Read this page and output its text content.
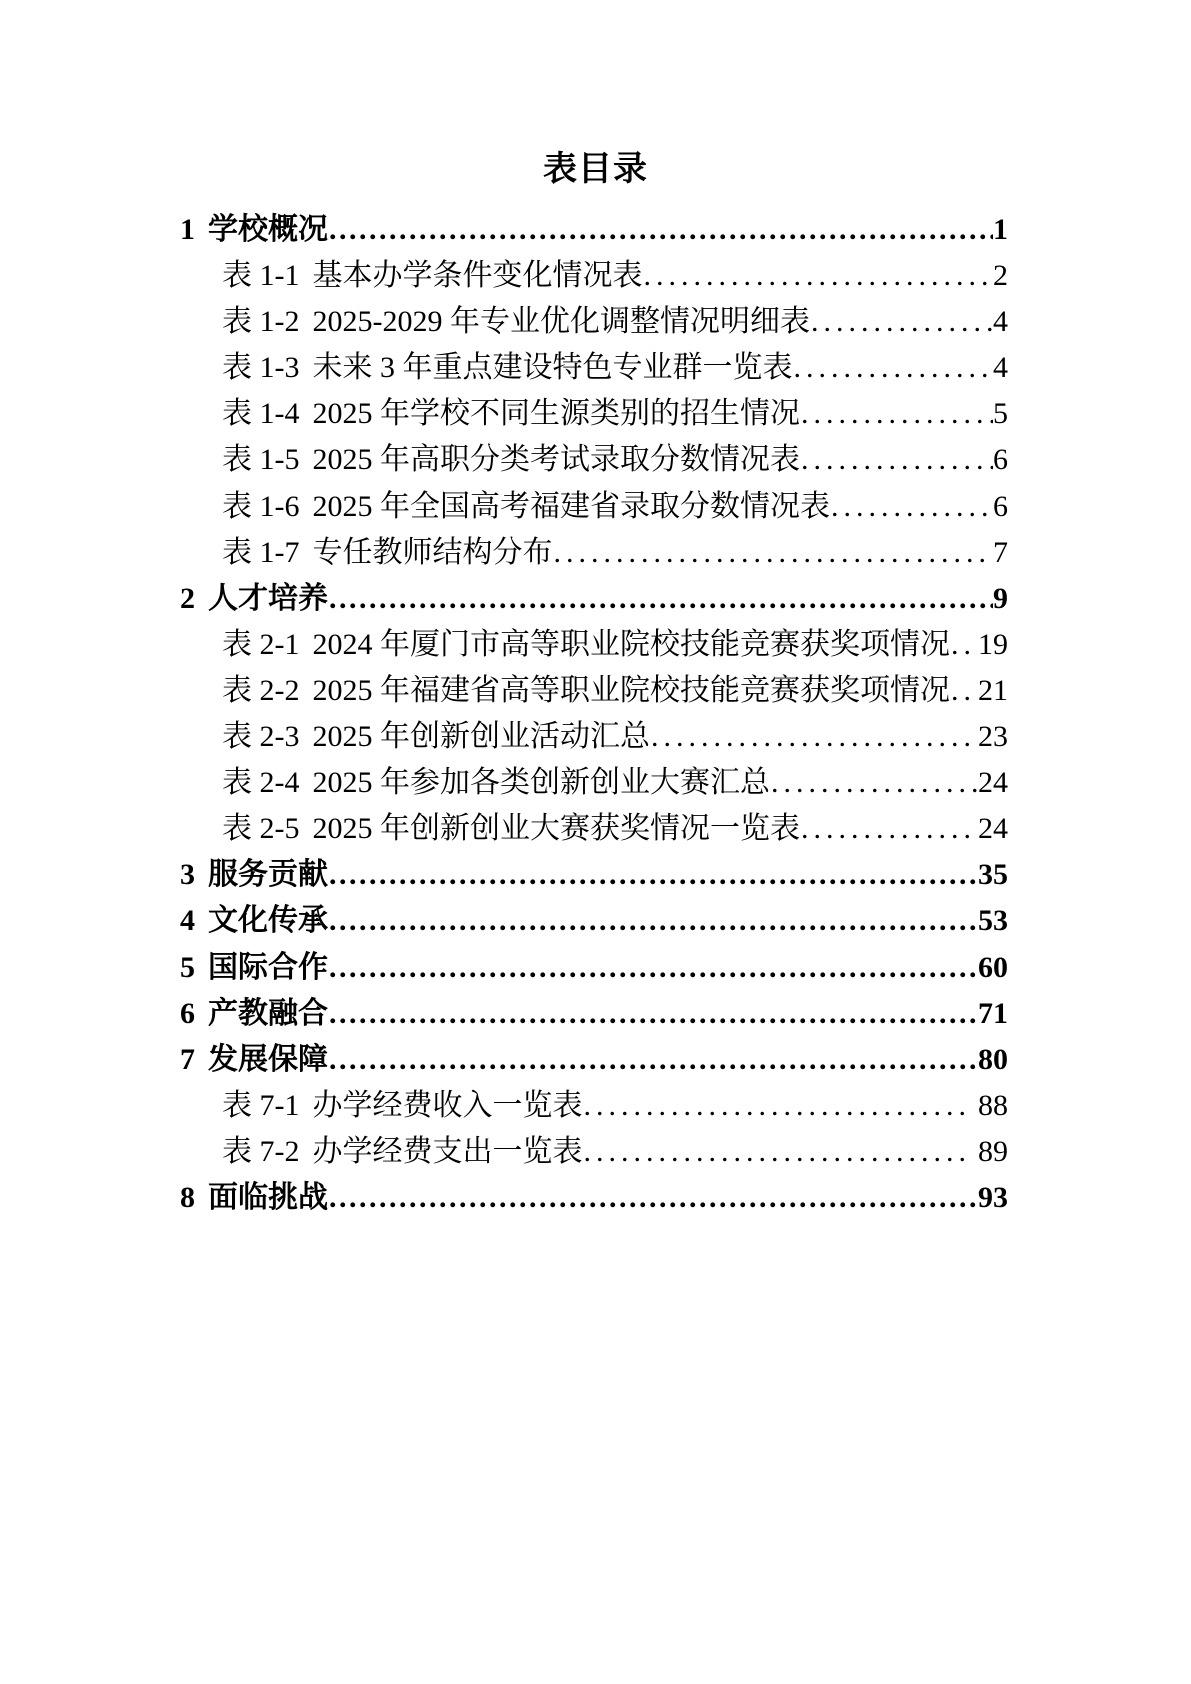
表目录
1 学校概况 .....	1
表 1-1 基本办学条件变化情况表 .....	2
表 1-2 2025-2029 年专业优化调整情况明细表 .....	4
表 1-3 未来 3 年重点建设特色专业群一览表 .....	4
表 1-4 2025 年学校不同生源类别的招生情况 .....	5
表 1-5 2025 年高职分类考试录取分数情况表 .....	6
表 1-6 2025 年全国高考福建省录取分数情况表 .....	6
表 1-7 专任教师结构分布 .....	7
2 人才培养 .....	9
表 2-1 2024 年厦门市高等职业院校技能竞赛获奖项情况 ..... 19
表 2-2 2025 年福建省高等职业院校技能竞赛获奖项情况 ..... 21
表 2-3 2025 年创新创业活动汇总 .....	23
表 2-4 2025 年参加各类创新创业大赛汇总 .....	24
表 2-5 2025 年创新创业大赛获奖情况一览表 .....	24
3 服务贡献 .....	35
4 文化传承 .....	53
5 国际合作 .....	60
6 产教融合 .....	71
7 发展保障 .....	80
表 7-1 办学经费收入一览表 .....	88
表 7-2 办学经费支出一览表 .....	89
8 面临挑战 .....	93
